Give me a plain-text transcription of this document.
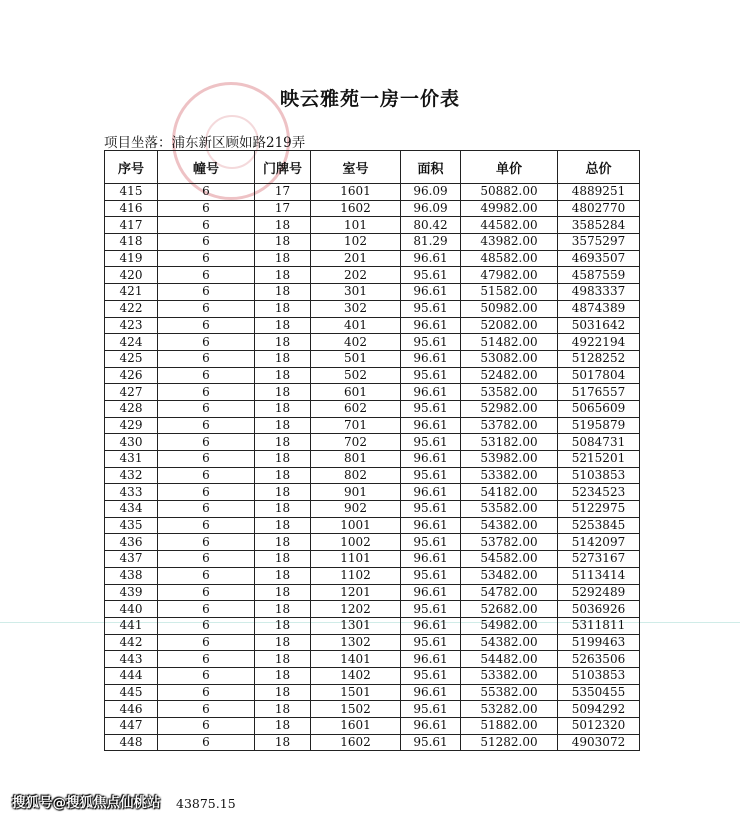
映云雅苑一房一价表
项目坐落：浦东新区顾如路219弄
序号	幢号	门牌号	室号	面积	单价	总价
415	6	17	1601	96.09	50882.00	4889251
416	6	17	1602	96.09	49982.00	4802770
417	6	18	101	80.42	44582.00	3585284
418	6	18	102	81.29	43982.00	3575297
419	6	18	201	96.61	48582.00	4693507
420	6	18	202	95.61	47982.00	4587559
421	6	18	301	96.61	51582.00	4983337
422	6	18	302	95.61	50982.00	4874389
423	6	18	401	96.61	52082.00	5031642
424	6	18	402	95.61	51482.00	4922194
425	6	18	501	96.61	53082.00	5128252
426	6	18	502	95.61	52482.00	5017804
427	6	18	601	96.61	53582.00	5176557
428	6	18	602	95.61	52982.00	5065609
429	6	18	701	96.61	53782.00	5195879
430	6	18	702	95.61	53182.00	5084731
431	6	18	801	96.61	53982.00	5215201
432	6	18	802	95.61	53382.00	5103853
433	6	18	901	96.61	54182.00	5234523
434	6	18	902	95.61	53582.00	5122975
435	6	18	1001	96.61	54382.00	5253845
436	6	18	1002	95.61	53782.00	5142097
437	6	18	1101	96.61	54582.00	5273167
438	6	18	1102	95.61	53482.00	5113414
439	6	18	1201	96.61	54782.00	5292489
440	6	18	1202	95.61	52682.00	5036926
441	6	18	1301	96.61	54982.00	5311811
442	6	18	1302	95.61	54382.00	5199463
443	6	18	1401	96.61	54482.00	5263506
444	6	18	1402	95.61	53382.00	5103853
445	6	18	1501	96.61	55382.00	5350455
446	6	18	1502	95.61	53282.00	5094292
447	6	18	1601	96.61	51882.00	5012320
448	6	18	1602	95.61	51282.00	4903072
43875.15
搜狐号@搜狐焦点仙桃站
